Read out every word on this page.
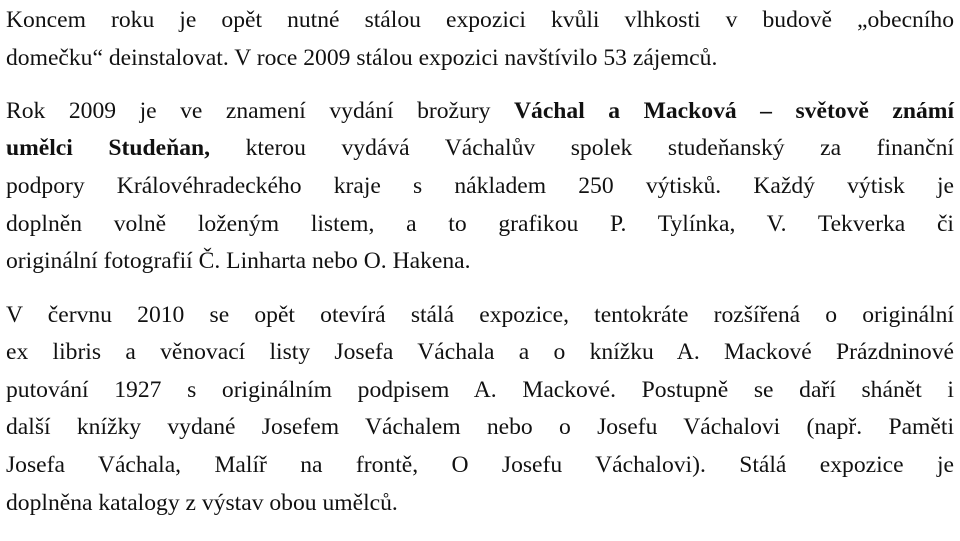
Koncem roku je opět nutné stálou expozici kvůli vlhkosti v budově „obecního
domečku“ deinstalovat. V roce 2009 stálou expozici navštívilo 53 zájemců.

Rok 2009 je ve znamení vydání brožury Váchal a Macková – světově známí
umělci Studeňan, kterou vydává Váchalův spolek studeňanský za finanční
podpory Královéhradeckého kraje s nákladem 250 výtisků. Každý výtisk je
doplněn volně loženým listem, a to grafikou P. Tylínka, V. Tekverka či
originální fotografií Č. Linharta nebo O. Hakena.

V červnu 2010 se opět otevírá stálá expozice, tentokráte rozšířená o originální
ex libris a věnovací listy Josefa Váchala a o knížku A. Mackové Prázdninové
putování 1927 s originálním podpisem A. Mackové. Postupně se daří shánět i
další knížky vydané Josefem Váchalem nebo o Josefu Váchalovi (např. Paměti
Josefa Váchala, Malíř na frontě, O Josefu Váchalovi). Stálá expozice je
doplněna katalogy z výstav obou umělců.
